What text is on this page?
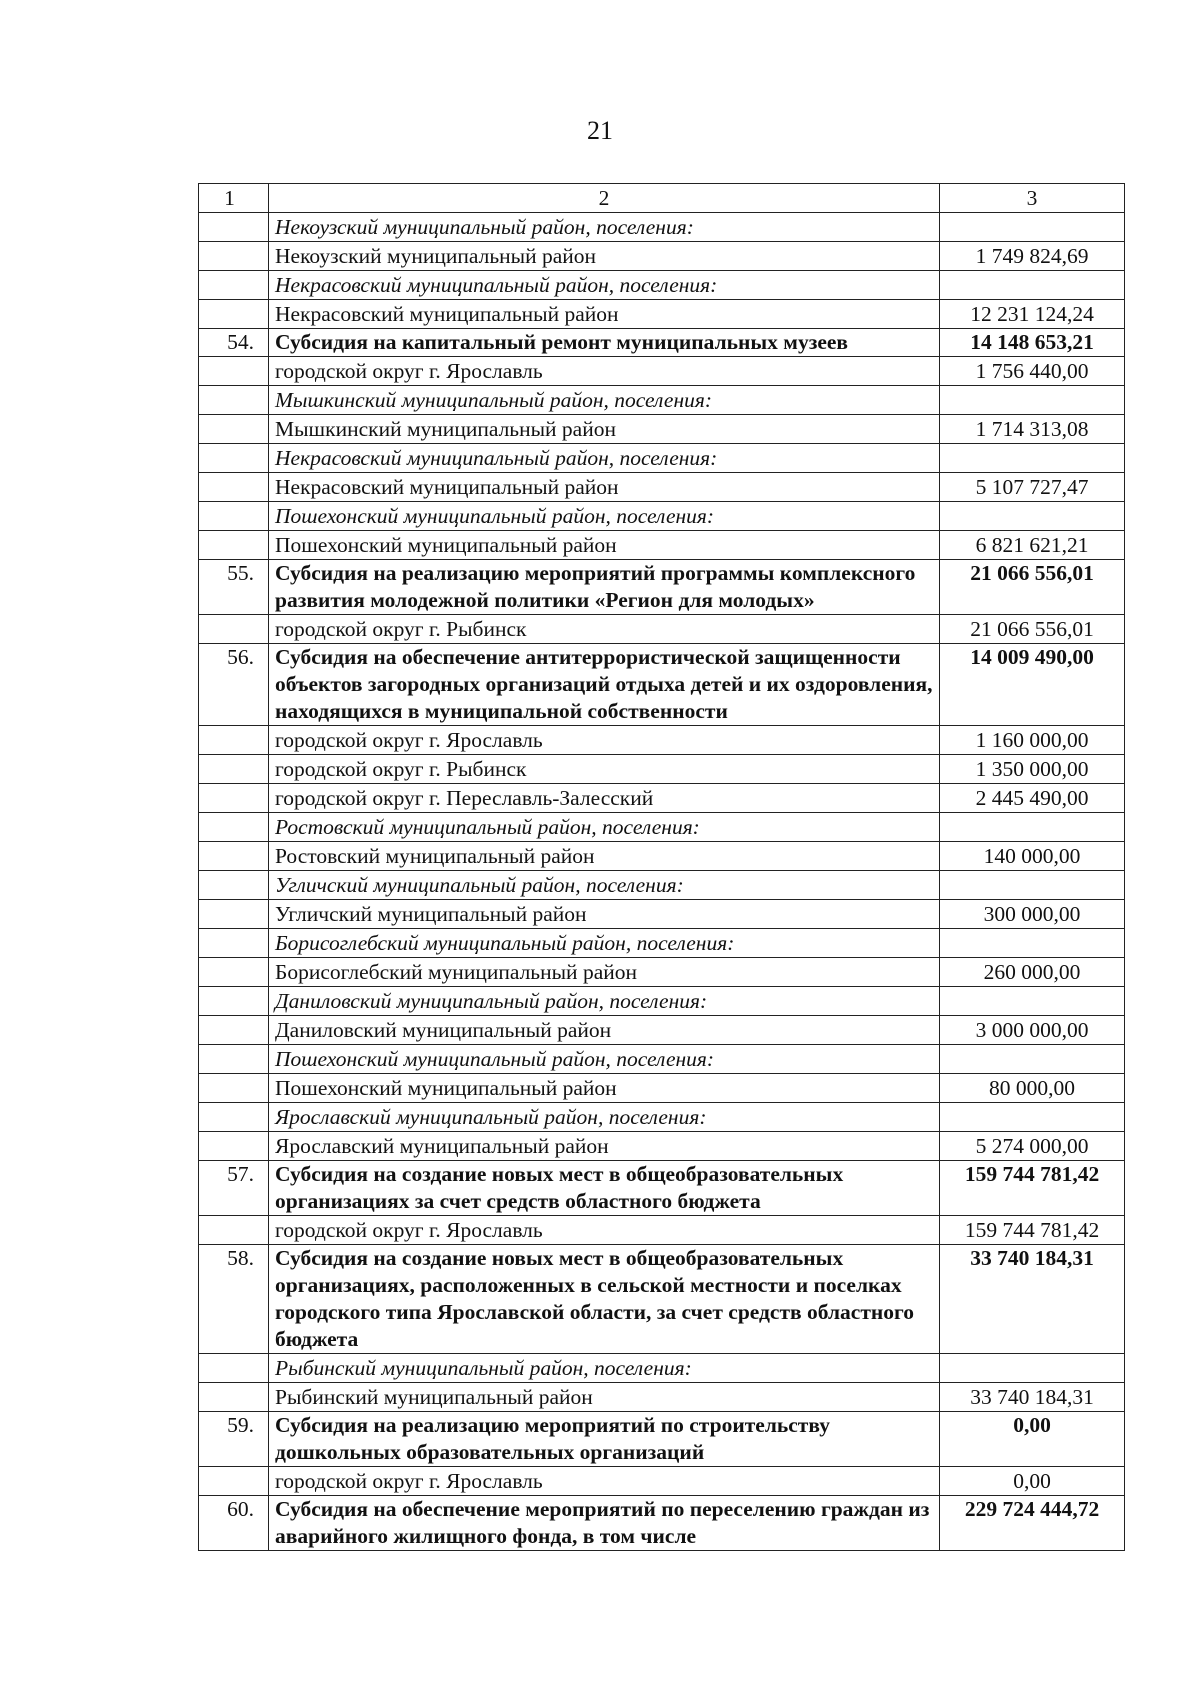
21
1	2	3
	Некоузский муниципальный район, поселения:	
	Некоузский муниципальный район	1 749 824,69
	Некрасовский муниципальный район, поселения:	
	Некрасовский муниципальный район	12 231 124,24
54.	Субсидия на капитальный ремонт муниципальных музеев	14 148 653,21
	городской округ г. Ярославль	1 756 440,00
	Мышкинский муниципальный район, поселения:	
	Мышкинский муниципальный район	1 714 313,08
	Некрасовский муниципальный район, поселения:	
	Некрасовский муниципальный район	5 107 727,47
	Пошехонский муниципальный район, поселения:	
	Пошехонский муниципальный район	6 821 621,21
55.	Субсидия на реализацию мероприятий программы комплексного развития молодежной политики «Регион для молодых»	21 066 556,01
	городской округ г. Рыбинск	21 066 556,01
56.	Субсидия на обеспечение антитеррористической защищенности объектов загородных организаций отдыха детей и их оздоровления, находящихся в муниципальной собственности	14 009 490,00
	городской округ г. Ярославль	1 160 000,00
	городской округ г. Рыбинск	1 350 000,00
	городской округ г. Переславль-Залесский	2 445 490,00
	Ростовский муниципальный район, поселения:	
	Ростовский муниципальный район	140 000,00
	Угличский муниципальный район, поселения:	
	Угличский муниципальный район	300 000,00
	Борисоглебский муниципальный район, поселения:	
	Борисоглебский муниципальный район	260 000,00
	Даниловский муниципальный район, поселения:	
	Даниловский муниципальный район	3 000 000,00
	Пошехонский муниципальный район, поселения:	
	Пошехонский муниципальный район	80 000,00
	Ярославский муниципальный район, поселения:	
	Ярославский муниципальный район	5 274 000,00
57.	Субсидия на создание новых мест в общеобразовательных организациях за счет средств областного бюджета	159 744 781,42
	городской округ г. Ярославль	159 744 781,42
58.	Субсидия на создание новых мест в общеобразовательных организациях, расположенных в сельской местности и поселках городского типа Ярославской области, за счет средств областного бюджета	33 740 184,31
	Рыбинский муниципальный район, поселения:	
	Рыбинский муниципальный район	33 740 184,31
59.	Субсидия на реализацию мероприятий по строительству дошкольных образовательных организаций	0,00
	городской округ г. Ярославль	0,00
60.	Субсидия на обеспечение мероприятий по переселению граждан из аварийного жилищного фонда, в том числе	229 724 444,72
